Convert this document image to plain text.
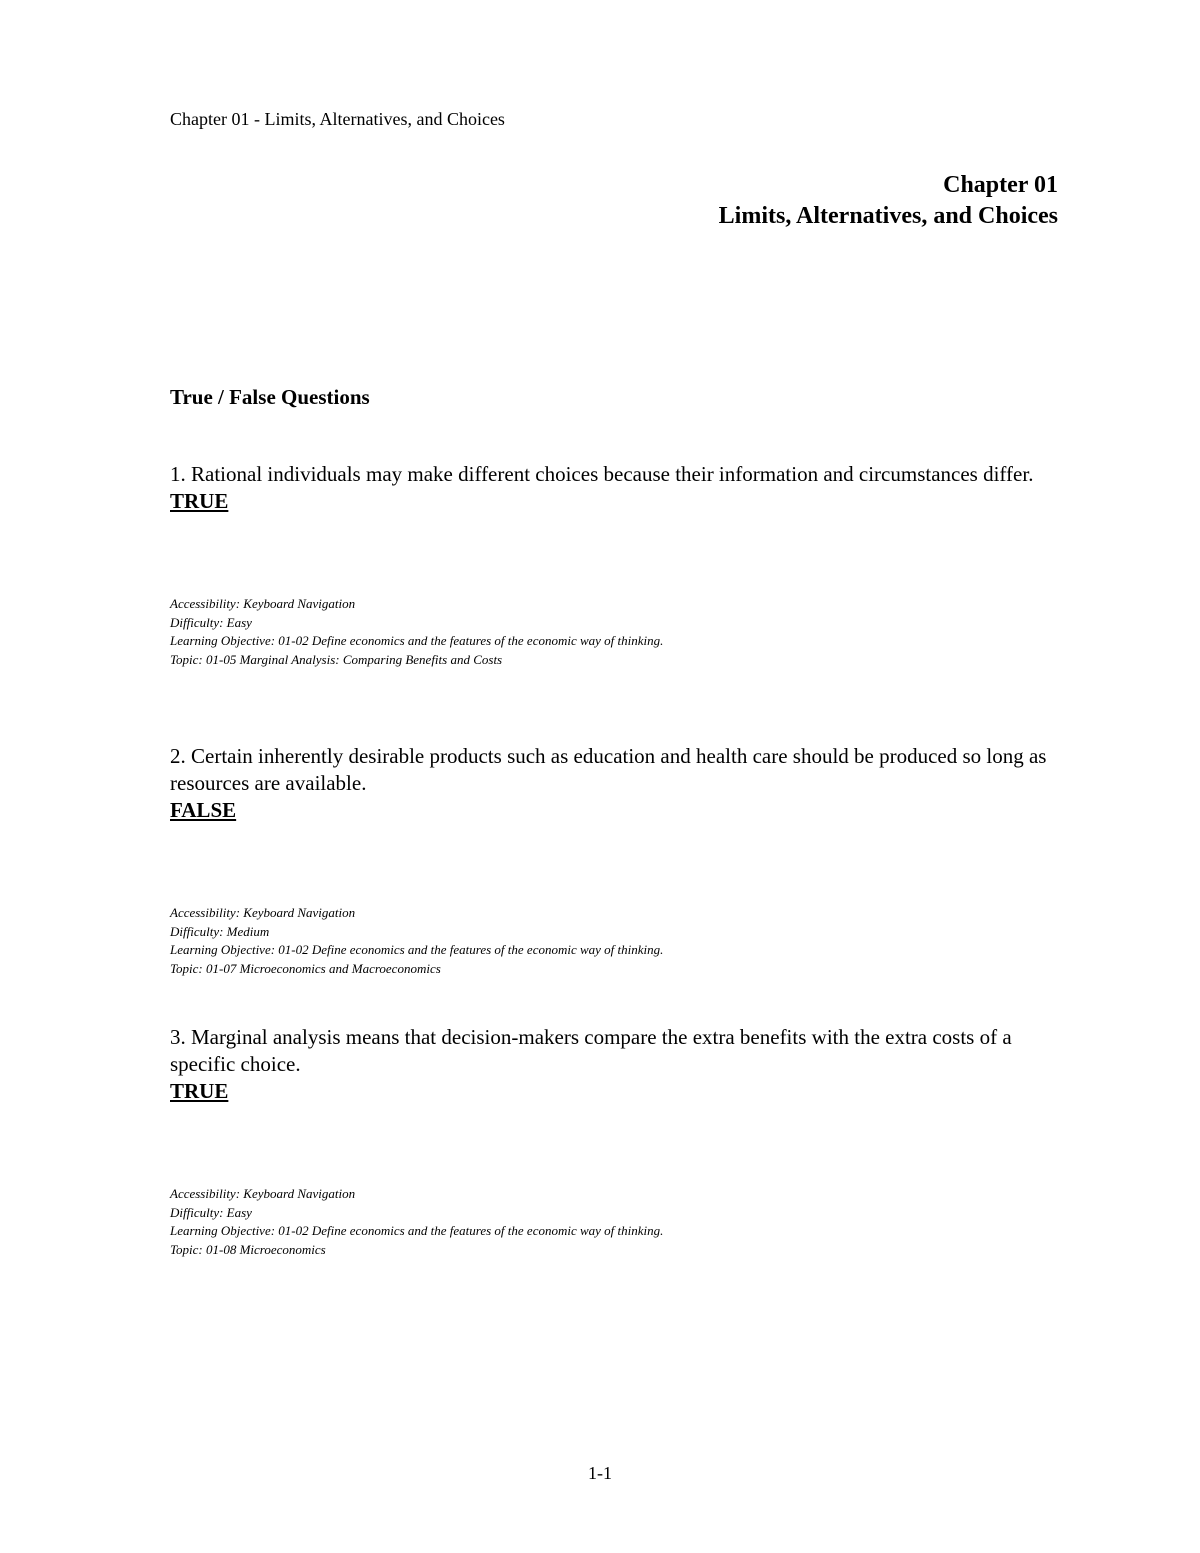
Chapter 01 - Limits, Alternatives, and Choices
Chapter 01
Limits, Alternatives, and Choices
True / False Questions

1. Rational individuals may make different choices because their information and circumstances differ.

TRUE

Accessibility: Keyboard Navigation
Difficulty: Easy
Learning Objective: 01-02 Define economics and the features of the economic way of thinking.
Topic: 01-05 Marginal Analysis: Comparing Benefits and Costs

2. Certain inherently desirable products such as education and health care should be produced so long as resources are available.

FALSE

Accessibility: Keyboard Navigation
Difficulty: Medium
Learning Objective: 01-02 Define economics and the features of the economic way of thinking.
Topic: 01-07 Microeconomics and Macroeconomics

3. Marginal analysis means that decision-makers compare the extra benefits with the extra costs of a specific choice.

TRUE

Accessibility: Keyboard Navigation
Difficulty: Easy
Learning Objective: 01-02 Define economics and the features of the economic way of thinking.
Topic: 01-08 Microeconomics
1-1
